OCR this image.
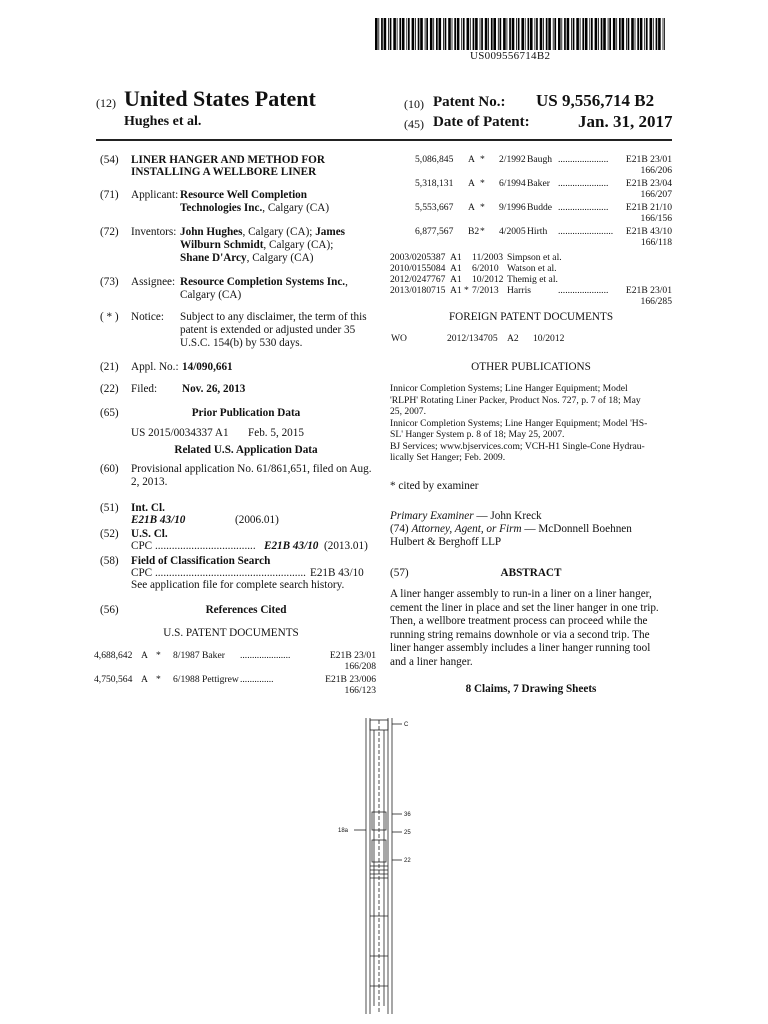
US009556714B2
(12) United States Patent
Hughes et al.
(10) Patent No.: US 9,556,714 B2
(45) Date of Patent:	Jan. 31, 2017
(54) LINER HANGER AND METHOD FOR
INSTALLING A WELLBORE LINER
(71) Applicant: Resource Well Completion
Technologies Inc., Calgary (CA)
(72) Inventors: John Hughes, Calgary (CA); James
Wilburn Schmidt, Calgary (CA);
Shane D'Arcy, Calgary (CA)
(73) Assignee: Resource Completion Systems Inc.,
Calgary (CA)
( * ) Notice: Subject to any disclaimer, the term of this
patent is extended or adjusted under 35
U.S.C. 154(b) by 530 days.
(21) Appl. No.: 14/090,661
(22) Filed: Nov. 26, 2013
(65)	Prior Publication Data
US 2015/0034337 A1 Feb. 5, 2015
Related U.S. Application Data
(60) Provisional application No. 61/861,651, filed on Aug.
2, 2013.
(51) Int. Cl.
E21B 43/10	(2006.01)
(52) U.S. Cl.
CPC .................................... E21B 43/10 (2013.01)
(58) Field of Classification Search
CPC ...................................................... E21B 43/10
See application file for complete search history.
(56)	References Cited
U.S. PATENT DOCUMENTS
4,688,642 A * 8/1987 Baker .....................	E21B 23/01
166/208
4,750,564 A * 6/1988 Pettigrew ..............	E21B 23/006
166/123
5,086,845 A * 2/1992 Baugh ..................... E21B 23/01
166/206
5,318,131 A * 6/1994 Baker ..................... E21B 23/04
166/207
5,553,667 A * 9/1996 Budde ..................... E21B 21/10
166/156
6,877,567 B2 * 4/2005 Hirth ....................... E21B 43/10
166/118
2003/0205387 A1 11/2003 Simpson et al.
2010/0155084 A1 6/2010 Watson et al.
2012/0247767 A1 10/2012 Themig et al.
2013/0180715 A1 * 7/2013 Harris	..................... E21B 23/01
166/285
FOREIGN PATENT DOCUMENTS
WO	2012/134705 A2 10/2012
OTHER PUBLICATIONS
Innicor Completion Systems; Line Hanger Equipment; Model
'RLPH' Rotating Liner Packer, Product Nos. 727, p. 7 of 18; May
25, 2007.
Innicor Completion Systems; Line Hanger Equipment; Model 'HS-
SL' Hanger System p. 8 of 18; May 25, 2007.
BJ Services; www.bjservices.com; VCH-H1 Single-Cone Hydrau-
lically Set Hanger; Feb. 2009.
* cited by examiner
Primary Examiner — John Kreck
(74) Attorney, Agent, or Firm — McDonnell Boehnen
Hulbert & Berghoff LLP
(57)	ABSTRACT
A liner hanger assembly to run-in a liner on a liner hanger,
cement the liner in place and set the liner hanger in one trip.
Then, a wellbore treatment process can proceed while the
running string remains downhole or via a second trip. The
liner hanger assembly includes a liner hanger running tool
and a liner hanger.
8 Claims, 7 Drawing Sheets
C
36
18a	25
22
